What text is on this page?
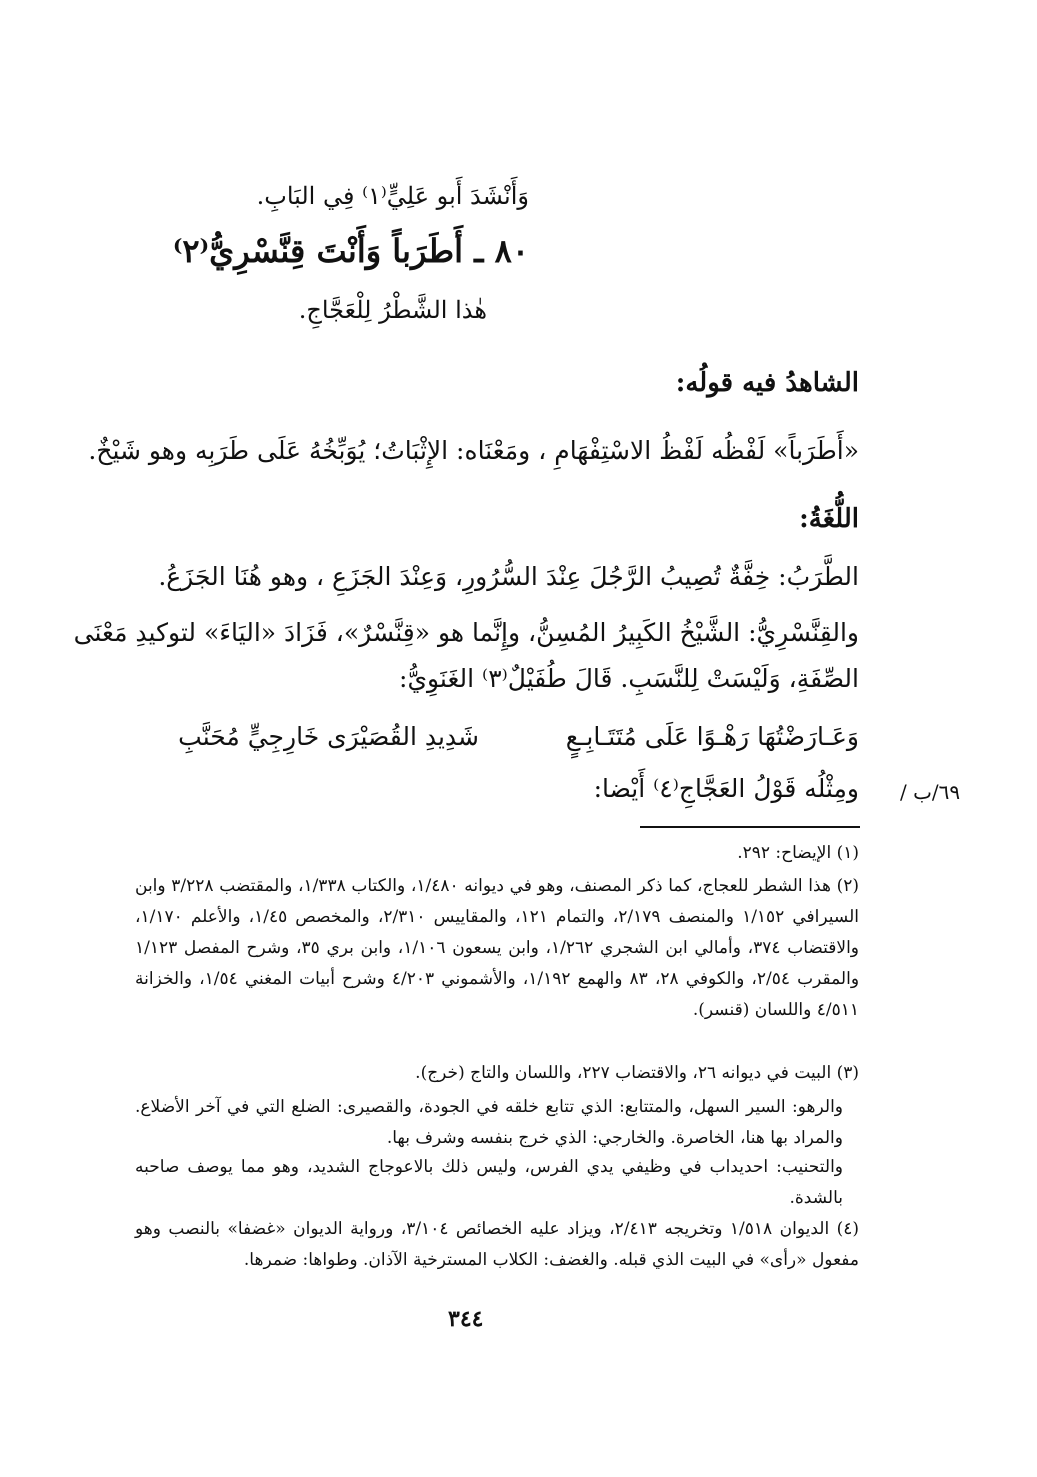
وَأَنْشَدَ أَبو عَلِيٍّ⁽١⁾ فِي البَابِ.
٨٠ ـ أَطَرَباً وَأَنْتَ قِنَّسْرِيُّ⁽٢⁾
هٰذا الشَّطْرُ لِلْعَجَّاجِ.
الشاهدُ فيه قولُه:
«أَطَرَباً» لَفْظُه لَفْظُ الاسْتِفْهَامِ ، ومَعْنَاه: الإِثْبَاتُ؛ يُوَبِّخُهُ عَلَى طَرَبِه وهو شَيْخٌ.
اللُّغَةُ:
الطَّرَبُ: خِفَّةٌ تُصِيبُ الرَّجُلَ عِنْدَ السُّرُورِ، وَعِنْدَ الجَزَعِ ، وهو هُنَا الجَزَعُ.
والقِنَّسْرِيُّ: الشَّيْخُ الكَبِيرُ المُسِنُّ، وإِنَّما هو «قِنَّسْرٌ»، فَزَادَ «اليَاءَ» لتوكيدِ مَعْنَى
الصِّفَةِ، وَلَيْسَتْ لِلنَّسَبِ. قَالَ طُفَيْلٌ⁽٣⁾ الغَنَوِيُّ:
وَعَـارَضْتُهَا رَهْـوًا عَلَى مُتَتَـابِـعٍ
شَدِيدِ القُصَيْرَى خَارِجِيٍّ مُحَنَّبِ
ومِثْلُه قَوْلُ العَجَّاجِ⁽٤⁾ أَيْضا: ٦٩/ب /
(١) الإيضاح: ٢٩٢.
(٢) هذا الشطر للعجاج، كما ذكر المصنف، وهو في ديوانه ١/٤٨٠، والكتاب ١/٣٣٨، والمقتضب ٣/٢٢٨ وابن السيرافي ١/١٥٢ والمنصف ٢/١٧٩، والتمام ١٢١، والمقاييس ٢/٣١٠، والمخصص ١/٤٥، والأعلم ١/١٧٠، والاقتضاب ٣٧٤، وأمالي ابن الشجري ١/٢٦٢، وابن يسعون ١/١٠٦، وابن بري ٣٥، وشرح المفصل ١/١٢٣ والمقرب ٢/٥٤، والكوفي ٢٨، ٨٣ والهمع ١/١٩٢، والأشموني ٤/٢٠٣ وشرح أبيات المغني ١/٥٤، والخزانة ٤/٥١١ واللسان (قنسر).
(٣) البيت في ديوانه ٢٦، والاقتضاب ٢٢٧، واللسان والتاج (خرج).
والرهو: السير السهل، والمتتابع: الذي تتابع خلقه في الجودة، والقصيرى: الضلع التي في آخر الأضلاع. والمراد بها هنا، الخاصرة. والخارجي: الذي خرج بنفسه وشرف بها.
والتحنيب: احديداب في وظيفي يدي الفرس، وليس ذلك بالاعوجاج الشديد، وهو مما يوصف صاحبه بالشدة.
(٤) الديوان ١/٥١٨ وتخريجه ٢/٤١٣، ويزاد عليه الخصائص ٣/١٠٤، ورواية الديوان «غضفا» بالنصب وهو مفعول «رأى» في البيت الذي قبله. والغضف: الكلاب المسترخية الآذان. وطواها: ضمرها.
٣٤٤
